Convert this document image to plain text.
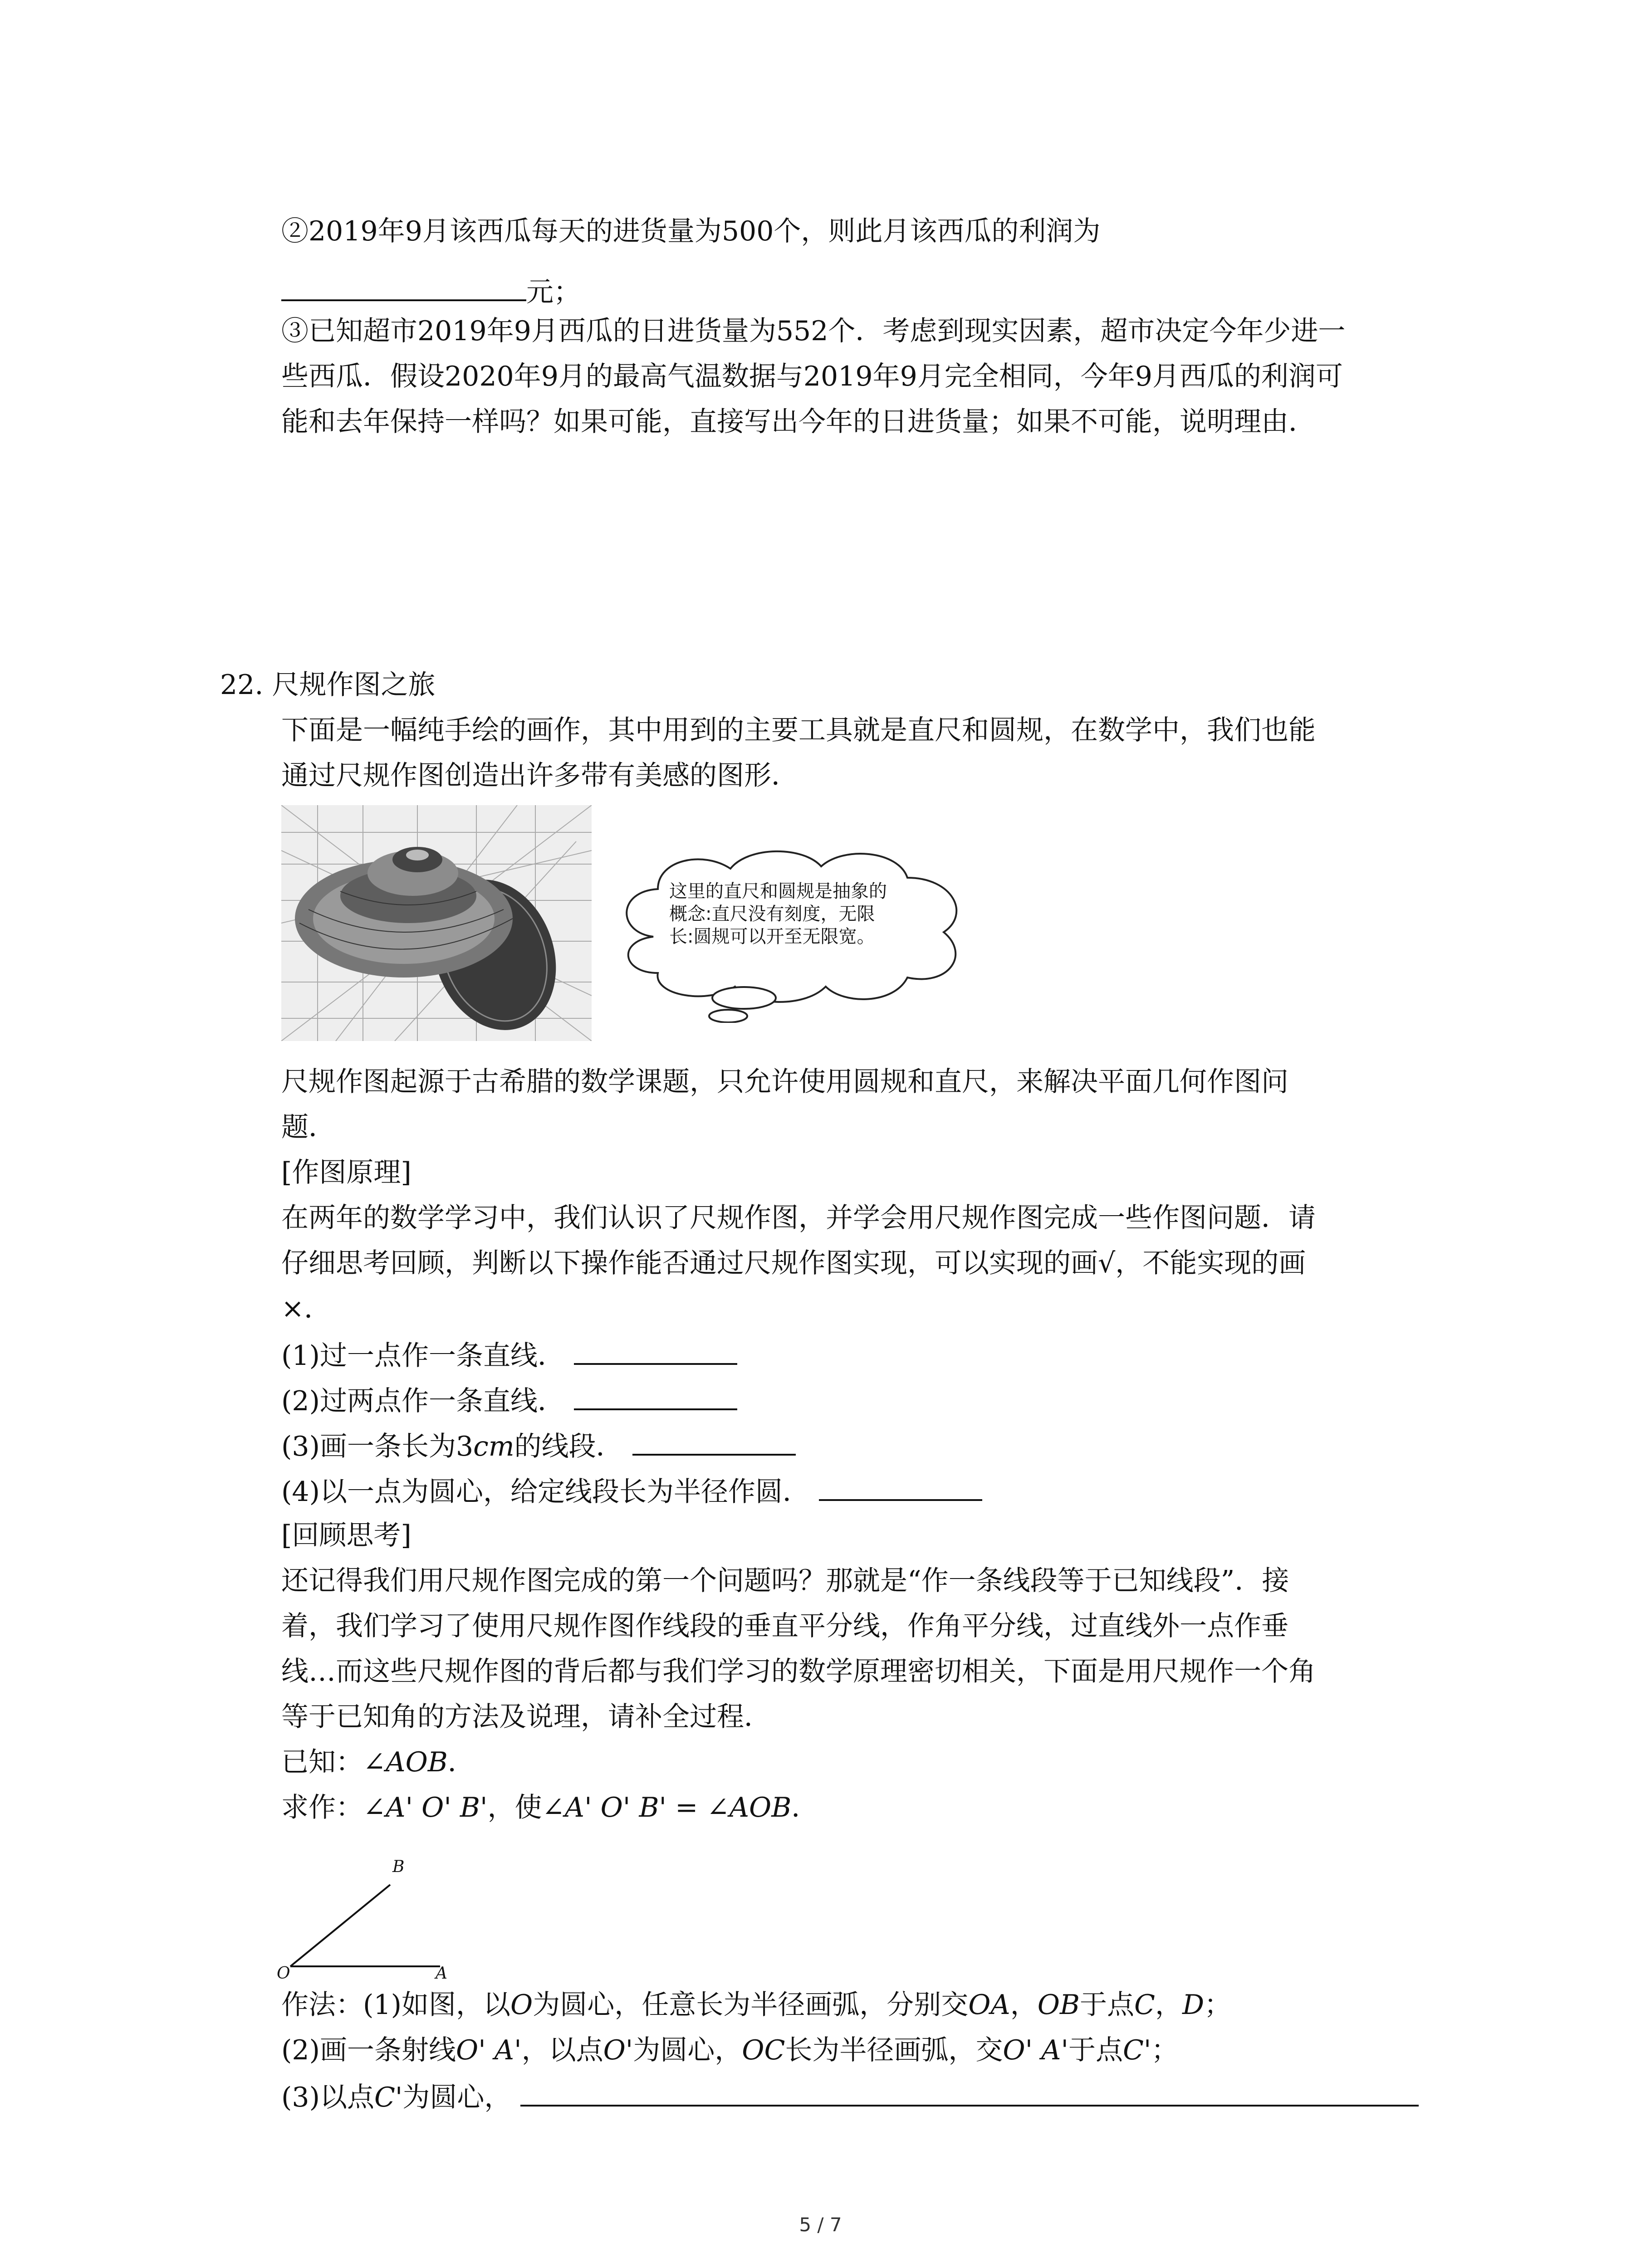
②2019年9月该西瓜每天的进货量为500个，则此月该西瓜的利润为
元；
③已知超市2019年9月西瓜的日进货量为552个．考虑到现实因素，超市决定今年少进一
些西瓜．假设2020年9月的最高气温数据与2019年9月完全相同，今年9月西瓜的利润可
能和去年保持一样吗？如果可能，直接写出今年的日进货量；如果不可能，说明理由．
22. 尺规作图之旅
下面是一幅纯手绘的画作，其中用到的主要工具就是直尺和圆规，在数学中，我们也能
通过尺规作图创造出许多带有美感的图形．
这里的直尺和圆规是抽象的
概念:直尺没有刻度，无限
长:圆规可以开至无限宽。
尺规作图起源于古希腊的数学课题，只允许使用圆规和直尺，来解决平面几何作图问
题．
[作图原理]
在两年的数学学习中，我们认识了尺规作图，并学会用尺规作图完成一些作图问题．请
仔细思考回顾，判断以下操作能否通过尺规作图实现，可以实现的画√，不能实现的画
×．
(1)过一点作一条直线．
(2)过两点作一条直线．
(3)画一条长为3cm的线段．
(4)以一点为圆心，给定线段长为半径作圆．
[回顾思考]
还记得我们用尺规作图完成的第一个问题吗？那就是“作一条线段等于已知线段”．接
着，我们学习了使用尺规作图作线段的垂直平分线，作角平分线，过直线外一点作垂
线…而这些尺规作图的背后都与我们学习的数学原理密切相关，下面是用尺规作一个角
等于已知角的方法及说理，请补全过程．
已知：∠AOB．
求作：∠A' O' B'，使∠A' O' B' = ∠AOB．
B
O	A
作法：(1)如图，以O为圆心，任意长为半径画弧，分别交OA，OB于点C，D；
(2)画一条射线O' A'，以点O'为圆心，OC长为半径画弧，交O' A'于点C'；
(3)以点C'为圆心，
5 / 7
